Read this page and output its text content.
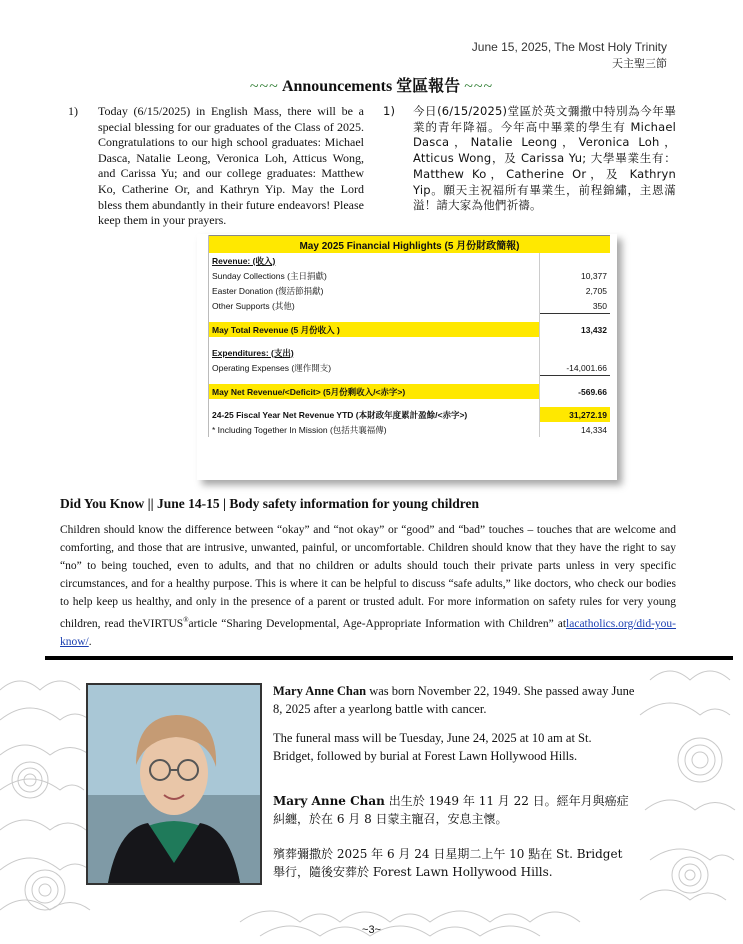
June 15, 2025, The Most Holy Trinity
天主聖三節
~~~ Announcements 堂區報告 ~~~
1) Today (6/15/2025) in English Mass, there will be a special blessing for our graduates of the Class of 2025. Congratulations to our high school graduates: Michael Dasca, Natalie Leong, Veronica Loh, Atticus Wong, and Carissa Yu; and our college graduates: Matthew Ko, Catherine Or, and Kathryn Yip. May the Lord bless them abundantly in their future endeavors! Please keep them in your prayers.
1) 今日(6/15/2025)堂區於英文彌撒中特別為今年畢業的青年降福。今年高中畢業的學生有 Michael Dasca，Natalie Leong，Veronica Loh，Atticus Wong，及 Carissa Yu; 大學畢業生有：Matthew Ko，Catherine Or，及 Kathryn Yip。願天主祝福所有畢業生，前程錦繡，主恩滿溢！請大家為他們祈禱。
	May 2025 Financial Highlights (5 月份財政簡報)	
	Revenue: (收入)	
	Sunday Collections (主日捐獻)	10,377
	Easter Donation (復活節捐獻)	2,705
	Other Supports (其他)	350

	May Total Revenue (5 月份收入 )	13,432

	Expenditures: (支出)	
	Operating Expenses (運作開支)	-14,001.66

	May Net Revenue/<Deficit> (5月份剩收入/<赤字>)	-569.66

	24-25 Fiscal Year Net Revenue YTD (本財政年度累計盈餘/<赤字>)	31,272.19
	* Including Together In Mission (包括共襄福傳)	14,334
Did You Know || June 14-15 | Body safety information for young children
Children should know the difference between “okay” and “not okay” or “good” and “bad” touches – touches that are welcome and comforting, and those that are intrusive, unwanted, painful, or uncomfortable. Children should know that they have the right to say “no” to being touched, even to adults, and that no children or adults should touch their private parts unless in very specific circumstances, and for a healthy purpose. This is where it can be helpful to discuss “safe adults,” like doctors, who check our bodies to help keep us healthy, and only in the presence of a parent or trusted adult. For more information on safety rules for very young children, read theVIRTUS®article “Sharing Developmental, Age-Appropriate Information with Children” atlacatholics.org/did-you-know/.
Mary Anne Chan was born November 22, 1949. She passed away June 8, 2025 after a yearlong battle with cancer.
The funeral mass will be Tuesday, June 24, 2025 at 10 am at St. Bridget, followed by burial at Forest Lawn Hollywood Hills.
Mary Anne Chan 出生於 1949 年 11 月 22 日。經年月與癌症糾纏，於在 6 月 8 日蒙主寵召，安息主懷。
殯葬彌撒於 2025 年 6 月 24 日星期二上午 10 點在 St. Bridget 舉行，隨後安葬於 Forest Lawn Hollywood Hills.
~3~
